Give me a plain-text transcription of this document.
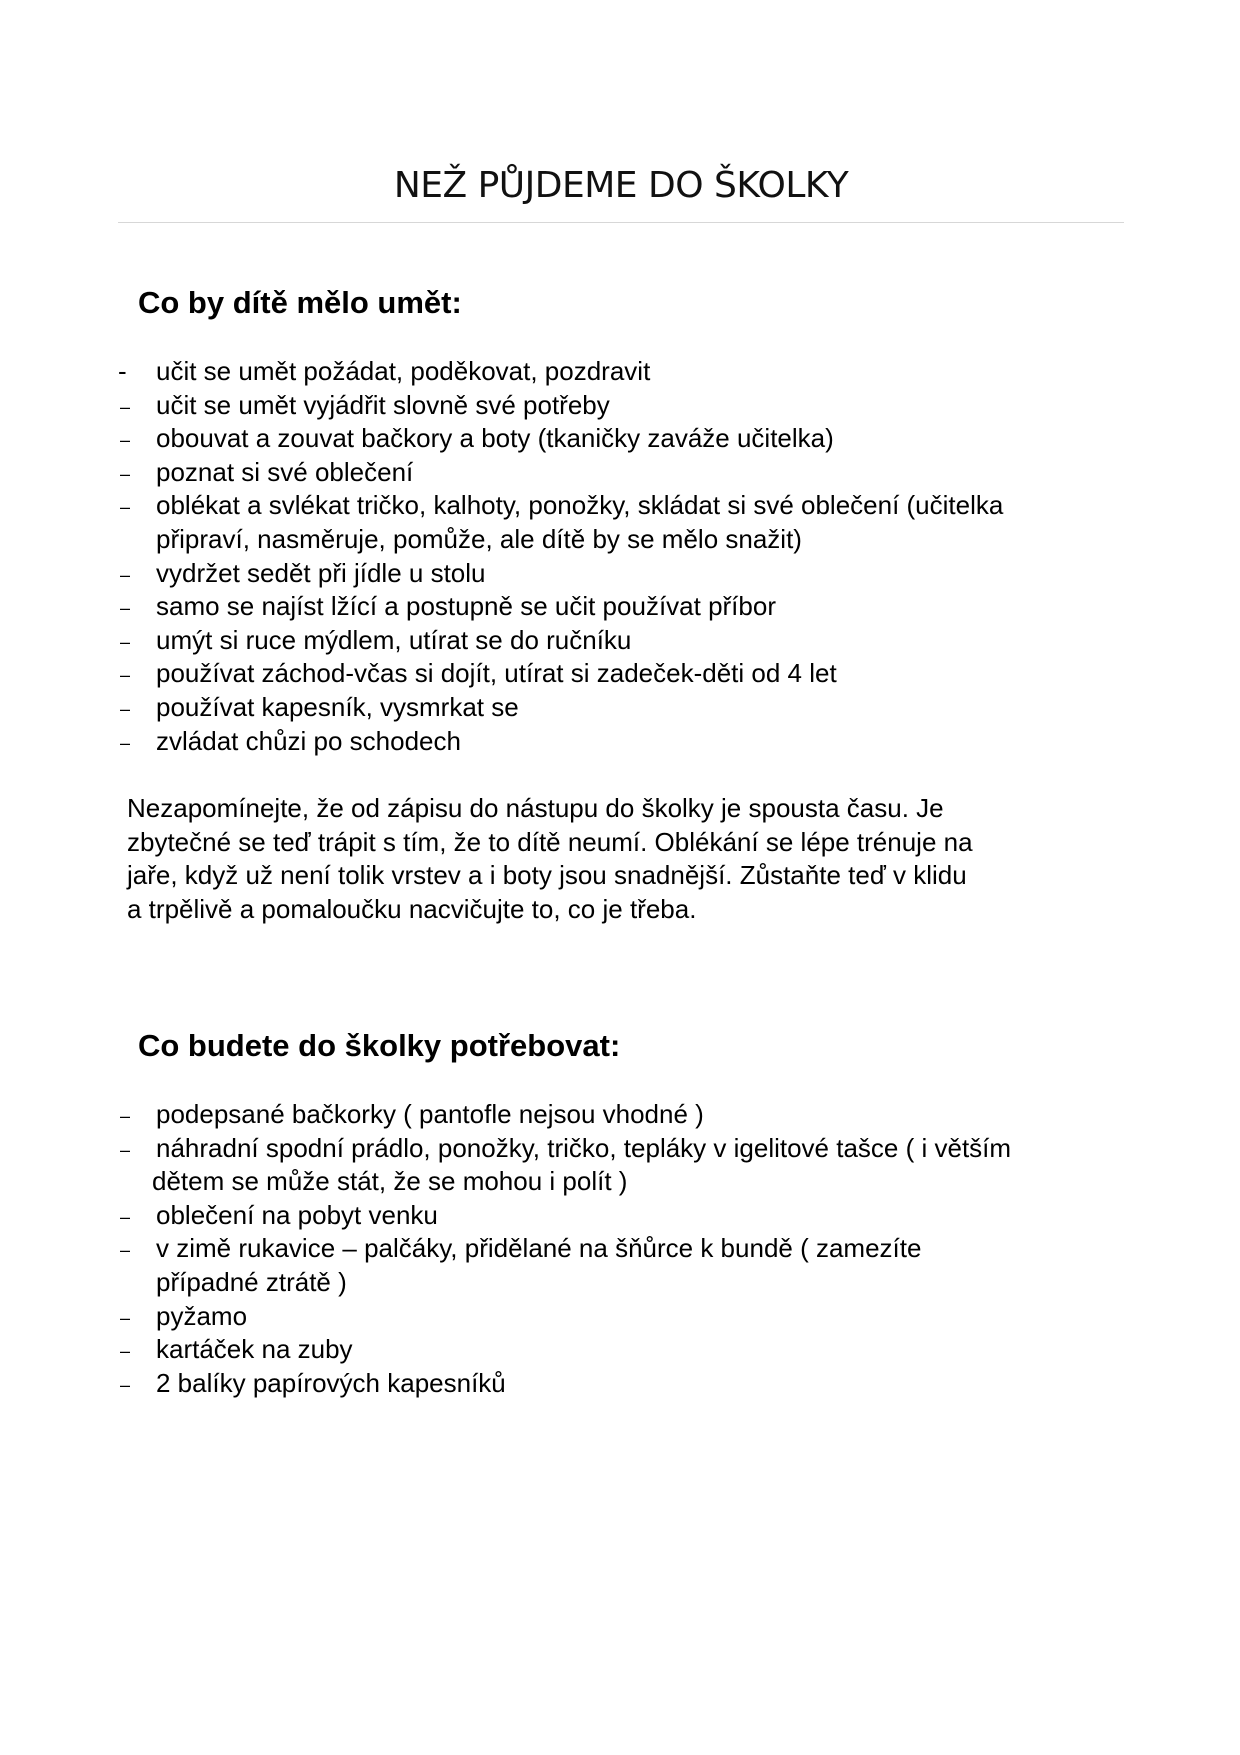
NEŽ PŮJDEME DO ŠKOLKY
Co by dítě mělo umět:
- učit se umět požádat, poděkovat, pozdravit
– učit se umět vyjádřit slovně své potřeby
– obouvat a zouvat bačkory a boty (tkaničky zaváže učitelka)
– poznat si své oblečení
– oblékat a svlékat tričko, kalhoty, ponožky, skládat si své oblečení (učitelka
připraví, nasměruje, pomůže, ale dítě by se mělo snažit)
– vydržet sedět při jídle u stolu
– samo se najíst lžící a postupně se učit používat příbor
– umýt si ruce mýdlem, utírat se do ručníku
– používat záchod-včas si dojít, utírat si zadeček-děti od 4 let
– používat kapesník, vysmrkat se
– zvládat chůzi po schodech

Nezapomínejte, že od zápisu do nástupu do školky je spousta času. Je
zbytečné se teď trápit s tím, že to dítě neumí. Oblékání se lépe trénuje na
jaře, když už není tolik vrstev a i boty jsou snadnější. Zůstaňte teď v klidu
a trpělivě a pomaloučku nacvičujte to, co je třeba.

Co budete do školky potřebovat:
– podepsané bačkorky ( pantofle nejsou vhodné )
– náhradní spodní prádlo, ponožky, tričko, tepláky v igelitové tašce ( i větším
dětem se může stát, že se mohou i polít )
– oblečení na pobyt venku
– v zimě rukavice – palčáky, přidělané na šňůrce k bundě ( zamezíte
případné ztrátě )
– pyžamo
– kartáček na zuby
– 2 balíky papírových kapesníků
